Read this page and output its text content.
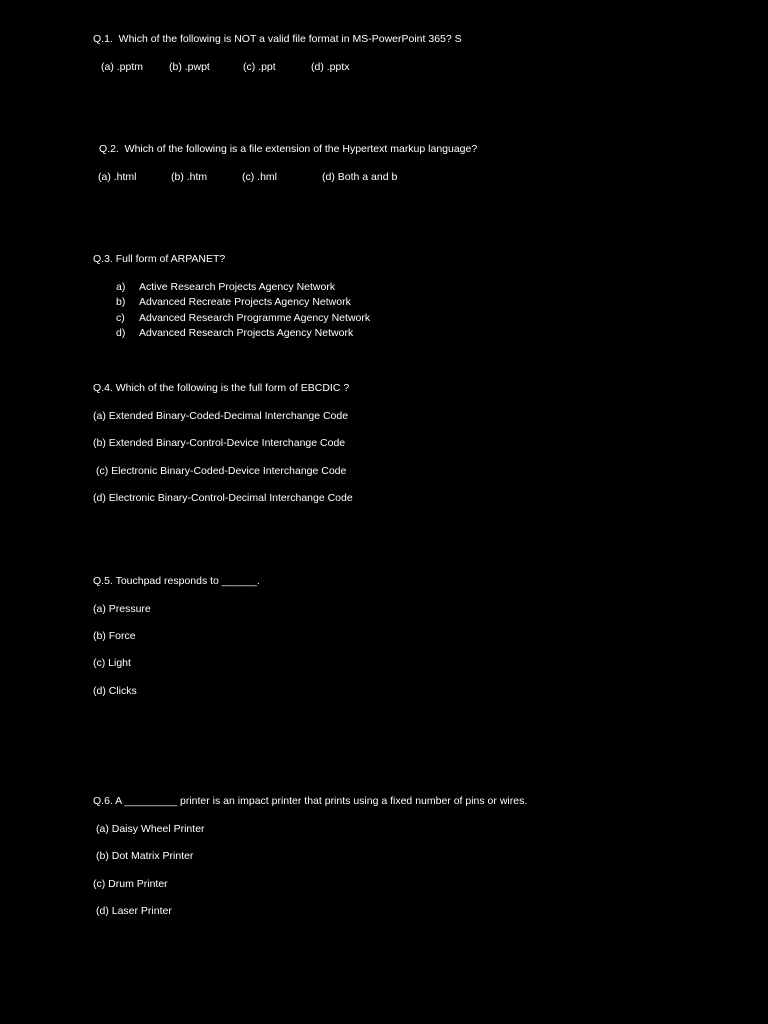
Q.1.  Which of the following is NOT a valid file format in MS-PowerPoint 365? S
(a) .pptm (b) .pwpt	(c) .ppt	(d) .pptx
Q.2.  Which of the following is a file extension of the Hypertext markup language?
(a) .html	(b) .htm	(c) .hml	(d) Both a and b
Q.3. Full form of ARPANET?
a) Active Research Projects Agency Network
b) Advanced Recreate Projects Agency Network
c) Advanced Research Programme Agency Network
d) Advanced Research Projects Agency Network
Q.4. Which of the following is the full form of EBCDIC ?
(a) Extended Binary-Coded-Decimal Interchange Code
(b) Extended Binary-Control-Device Interchange Code
(c) Electronic Binary-Coded-Device Interchange Code
(d) Electronic Binary-Control-Decimal Interchange Code
Q.5. Touchpad responds to ______.
(a) Pressure
(b) Force
(c) Light
(d) Clicks
Q.6. A _________ printer is an impact printer that prints using a fixed number of pins or wires.
(a) Daisy Wheel Printer
(b) Dot Matrix Printer
(c) Drum Printer
(d) Laser Printer
